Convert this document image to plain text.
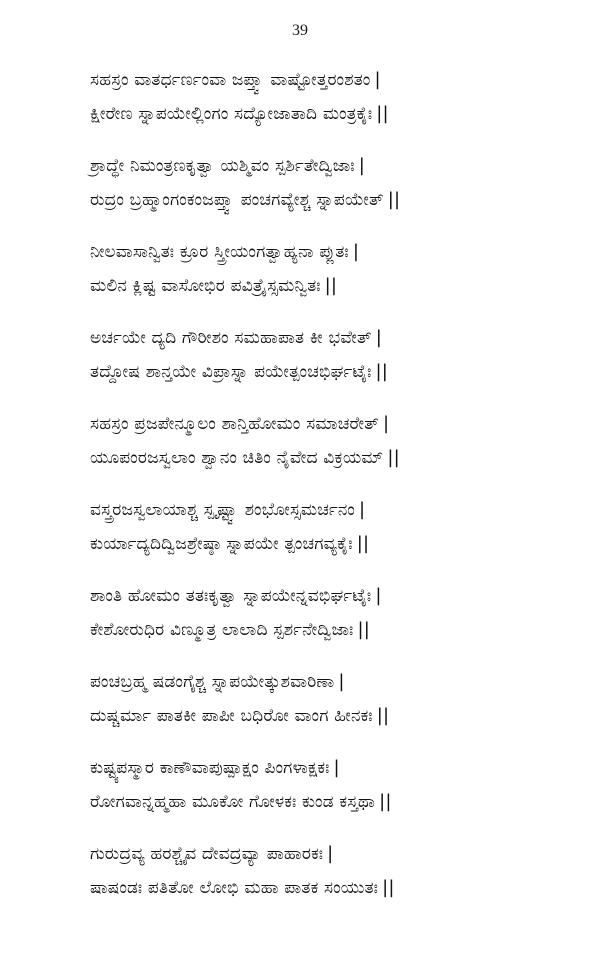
39
ಸಹಸ್ರಂ ವಾತರ್ಧರ್ಣಂವಾ ಜಪ್ತ್ವಾ ವಾಷ್ಟೋತ್ತರಂಶತಂ |
ಕ್ಷೀರೇಣ ಸ್ನಾಪಯೇಲ್ಲಿಂಗಂ ಸದ್ಯೋಜಾತಾದಿ ಮಂತ್ರಕೈಃ ||
ಶ್ರಾದ್ಧೇ ನಿಮಂತ್ರಣಕೃತ್ವಾ ಯಶ್ಮಿವಂ ಸ್ಪರ್ಶಿತೇದ್ವಿಜಾಃ |
ರುದ್ರಂ ಬ್ರಹ್ಮಾಂಗಂಕಂಜಪ್ತ್ವಾ ಪಂಚಗವ್ಯೇಶ್ಚ ಸ್ನಾಪಯೇತ್ ||
ನೀಲವಾಸಾನ್ವಿತಃ ಕ್ರೂರ ಸ್ತ್ರೀಯಂಗತ್ವಾಹ್ಯನಾ ಪ್ಲುತಃ |
ಮಲಿನ ಕ್ಲಿಷ್ಟ ವಾಸೋಭಿರ ಪವಿತ್ರೈಸ್ಸಮನ್ವಿತಃ ||
ಅರ್ಚಯೇ ದ್ಯದಿ ಗೌರೀಶಂ ಸಮಹಾಪಾತ ಕೀ ಭವೇತ್ |
ತದ್ದೋಷ ಶಾನ್ತಯೇ ವಿಪ್ರಾಸ್ನಾ ಪಯೇತ್ಪಂಚಭಿರ್ಘಟೈಃ ||
ಸಹಸ್ರಂ ಪ್ರಜಪೇನ್ಮೂಲಂ ಶಾನ್ತಿಹೋಮಂ ಸಮಾಚರೇತ್ |
ಯೂಪಂರಜಸ್ವಲಾಂ ಶ್ವಾನಂ ಚಿತಿಂ ನೈವೇದ ವಿಕ್ರಯಮ್ ||
ವಸ್ತ್ರರಜಸ್ವಲಾಯಾಶ್ಚ ಸ್ಪೃಷ್ಟ್ವಾ ಶಂಭೋಸ್ಸಮರ್ಚನಂ |
ಕುರ್ಯಾದ್ಯದಿದ್ವಿಜಶ್ರೇಷ್ಠಾ ಸ್ನಾಪಯೇ ತ್ಪಂಚಗವ್ಯಕೈಃ ||
ಶಾಂತಿ ಹೋಮಂ ತತಃಕೃತ್ವಾ ಸ್ನಾಪಯೇನ್ನವಭಿರ್ಘಟೈಃ |
ಕೇಶೋರುಧಿರ ವಿಣ್ಮೂತ್ರ ಲಾಲಾದಿ ಸ್ಪರ್ಶನೇದ್ವಿಜಾಃ ||
ಪಂಚಬ್ರಹ್ಮ ಷಡಂಗೈಶ್ಚ ಸ್ನಾಪಯೇತ್ಕುಶವಾರಿಣಾ |
ದುಷ್ಚರ್ಮಾ ಪಾತಕೀ ಪಾಪೀ ಬಧಿರೋ ವಾಂಗ ಹೀನಕಃ ||
ಕುಷ್ಟ್ಯಪಸ್ಮಾರ ಕಾಣೌವಾಪುಷ್ಪಾಕ್ಷಂ ಪಿಂಗಳಾಕ್ಷಕಃ |
ರೋಗವಾನ್ನಹ್ಮಹಾ ಮೂಕೋ ಗೋಳಕಃ ಕುಂಡ ಕಸ್ತಥಾ ||
ಗುರುದ್ರವ್ಯ ಹರಶ್ಚೈವ ದೇವದ್ರವ್ಯಾ ಪಾಹಾರಕಃ |
ಷಾಷಂಡಃ ಪತಿತೋ ಲೋಭಿ ಮಹಾ ಪಾತಕ ಸಂಯುತಃ ||
